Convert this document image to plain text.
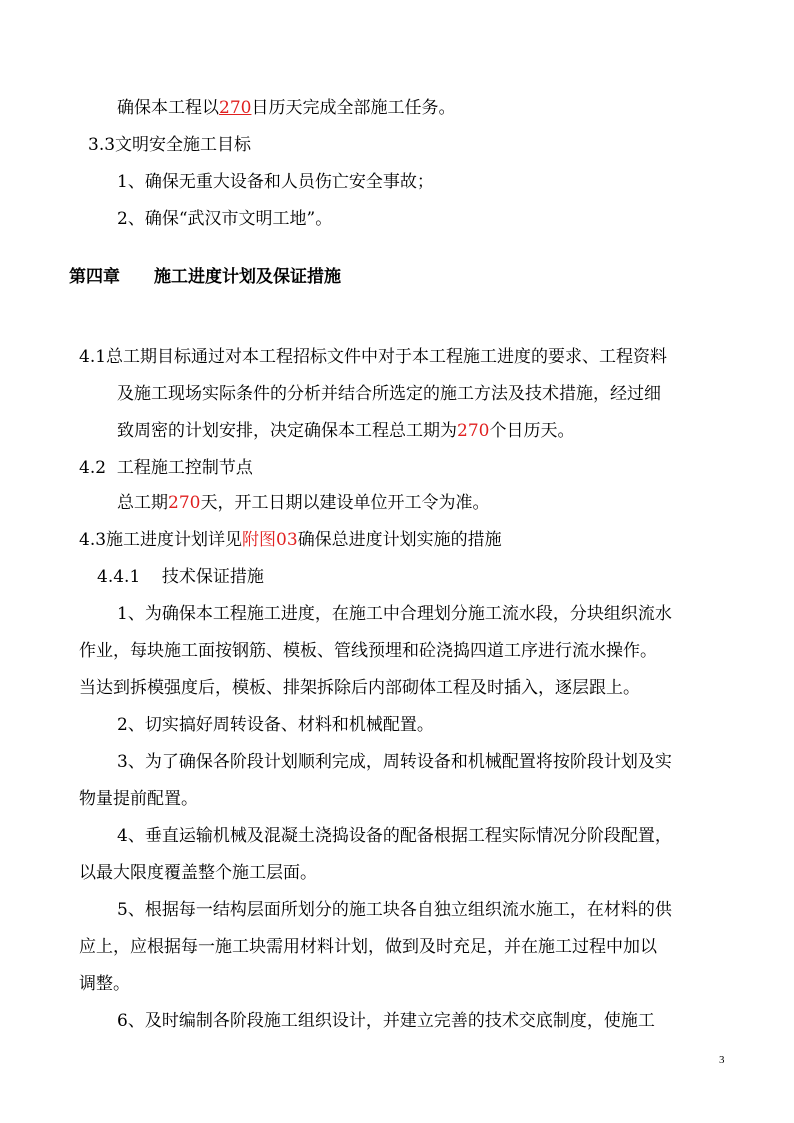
确保本工程以270日历天完成全部施工任务。
3.3文明安全施工目标
1、确保无重大设备和人员伤亡安全事故；
2、确保“武汉市文明工地”。
第四章 施工进度计划及保证措施
4.1总工期目标通过对本工程招标文件中对于本工程施工进度的要求、工程资料
及施工现场实际条件的分析并结合所选定的施工方法及技术措施，经过细
致周密的计划安排，决定确保本工程总工期为270个日历天。
4.2  工程施工控制节点
总工期270天，开工日期以建设单位开工令为准。
4.3施工进度计划详见附图03确保总进度计划实施的措施
4.4.1    技术保证措施
1、为确保本工程施工进度，在施工中合理划分施工流水段，分块组织流水
作业，每块施工面按钢筋、模板、管线预埋和砼浇捣四道工序进行流水操作。
当达到拆模强度后，模板、排架拆除后内部砌体工程及时插入，逐层跟上。
2、切实搞好周转设备、材料和机械配置。
3、为了确保各阶段计划顺利完成，周转设备和机械配置将按阶段计划及实
物量提前配置。
4、垂直运输机械及混凝土浇捣设备的配备根据工程实际情况分阶段配置，
以最大限度覆盖整个施工层面。
5、根据每一结构层面所划分的施工块各自独立组织流水施工，在材料的供
应上，应根据每一施工块需用材料计划，做到及时充足，并在施工过程中加以
调整。
6、及时编制各阶段施工组织设计，并建立完善的技术交底制度，使施工
3
